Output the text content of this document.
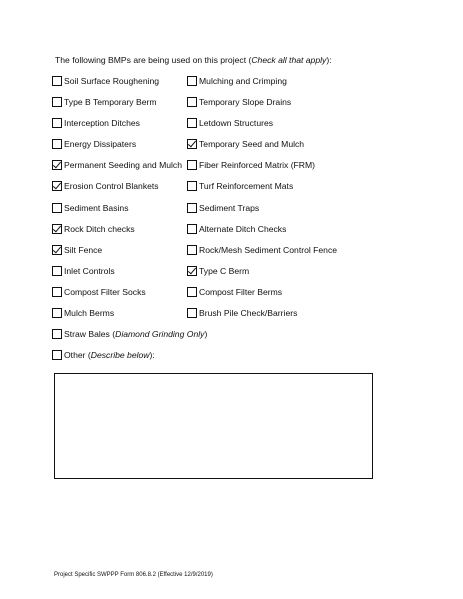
The following BMPs are being used on this project (Check all that apply):
Soil Surface Roughening
Type B Temporary Berm
Interception Ditches
Energy Dissipaters
Permanent Seeding and Mulch
Erosion Control Blankets
Sediment Basins
Rock Ditch checks
Silt Fence
Inlet Controls
Compost Filter Socks
Mulch Berms
Mulching and Crimping
Temporary Slope Drains
Letdown Structures
Temporary Seed and Mulch
Fiber Reinforced Matrix (FRM)
Turf Reinforcement Mats
Sediment Traps
Alternate Ditch Checks
Rock/Mesh Sediment Control Fence
Type C Berm
Compost Filter Berms
Brush Pile Check/Barriers
Straw Bales (Diamond Grinding Only)
Other (Describe below):
Project Specific SWPPP Form 806.8.2 (Effective 12/9/2019)
